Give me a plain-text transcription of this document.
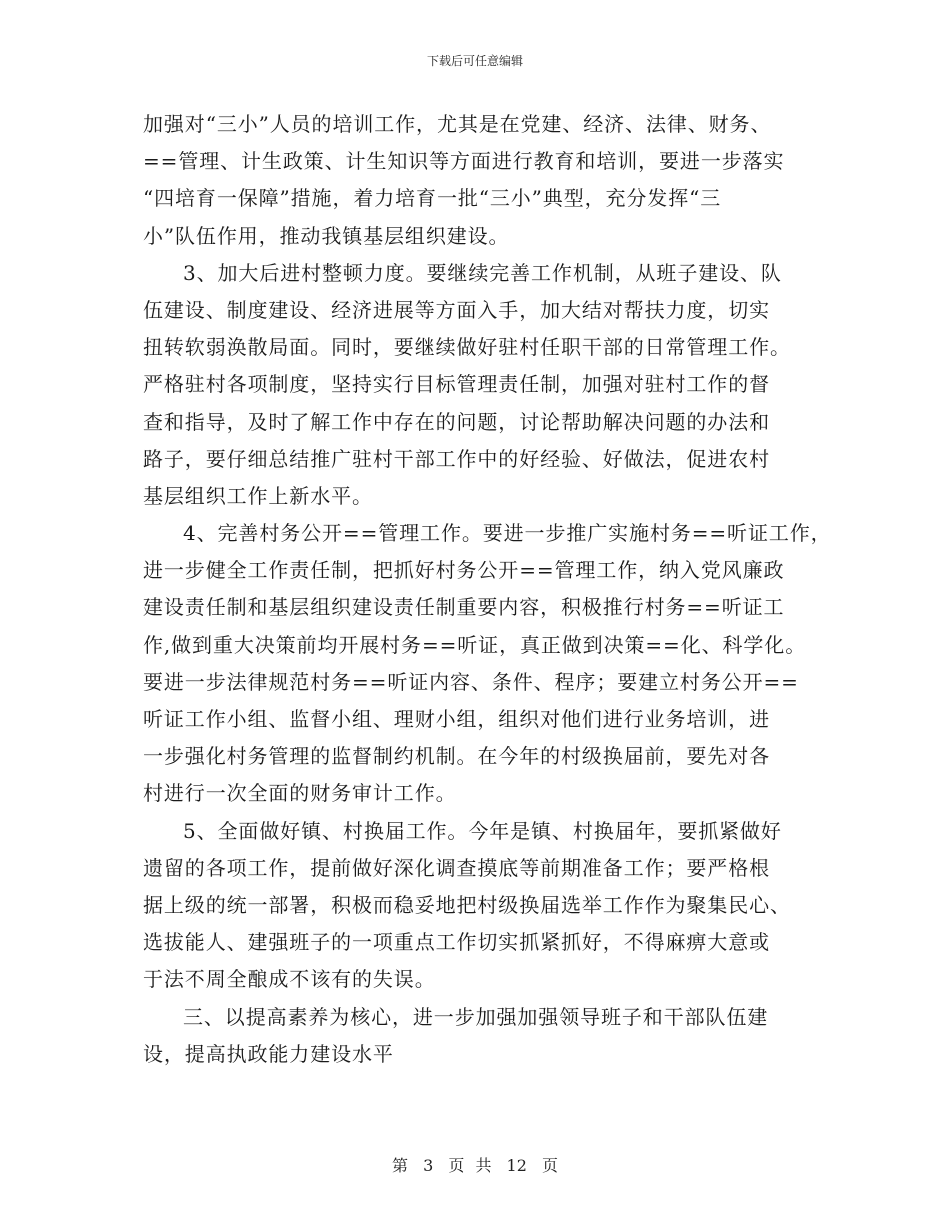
下载后可任意编辑
加强对“三小”人员的培训工作，尤其是在党建、经济、法律、财务、
==管理、计生政策、计生知识等方面进行教育和培训，要进一步落实
“四培育一保障”措施，着力培育一批“三小”典型，充分发挥“三
小”队伍作用，推动我镇基层组织建设。
3、加大后进村整顿力度。要继续完善工作机制，从班子建设、队
伍建设、制度建设、经济进展等方面入手，加大结对帮扶力度，切实
扭转软弱涣散局面。同时，要继续做好驻村任职干部的日常管理工作。
严格驻村各项制度，坚持实行目标管理责任制，加强对驻村工作的督
查和指导，及时了解工作中存在的问题，讨论帮助解决问题的办法和
路子，要仔细总结推广驻村干部工作中的好经验、好做法，促进农村
基层组织工作上新水平。
4、完善村务公开==管理工作。要进一步推广实施村务==听证工作，
进一步健全工作责任制，把抓好村务公开==管理工作，纳入党风廉政
建设责任制和基层组织建设责任制重要内容，积极推行村务==听证工
作,做到重大决策前均开展村务==听证，真正做到决策==化、科学化。
要进一步法律规范村务==听证内容、条件、程序；要建立村务公开==
听证工作小组、监督小组、理财小组，组织对他们进行业务培训，进
一步强化村务管理的监督制约机制。在今年的村级换届前，要先对各
村进行一次全面的财务审计工作。
5、全面做好镇、村换届工作。今年是镇、村换届年，要抓紧做好
遗留的各项工作，提前做好深化调查摸底等前期准备工作；要严格根
据上级的统一部署，积极而稳妥地把村级换届选举工作作为聚集民心、
选拔能人、建强班子的一项重点工作切实抓紧抓好，不得麻痹大意或
于法不周全酿成不该有的失误。
三、以提高素养为核心，进一步加强加强领导班子和干部队伍建
设，提高执政能力建设水平
第 3 页 共 12 页
